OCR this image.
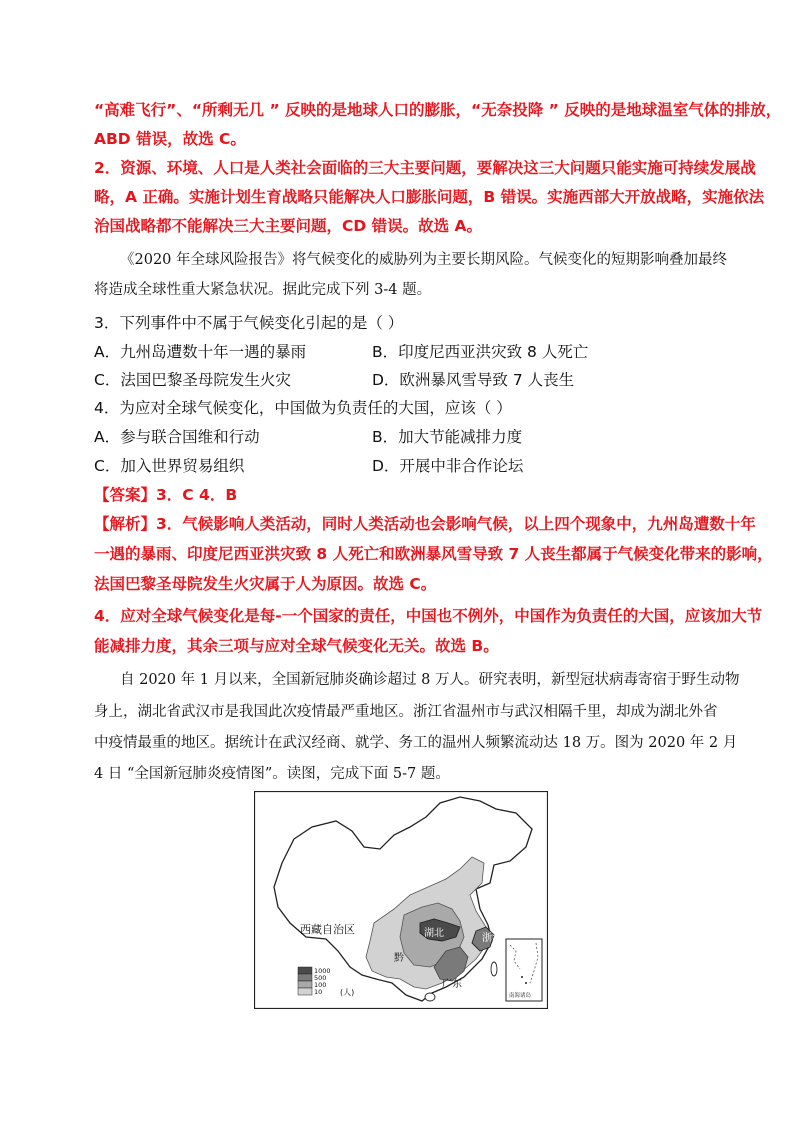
“高难飞行”、“所剩无几 ” 反映的是地球人口的膨胀，“无奈投降 ” 反映的是地球温室气体的排放，
ABD 错误，故选 C。
2．资源、环境、人口是人类社会面临的三大主要问题，要解决这三大问题只能实施可持续发展战
略，A 正确。实施计划生育战略只能解决人口膨胀问题，B 错误。实施西部大开放战略，实施依法
治国战略都不能解决三大主要问题，CD 错误。故选 A。
《2020 年全球风险报告》将气候变化的威胁列为主要长期风险。气候变化的短期影响叠加最终
将造成全球性重大紧急状况。据此完成下列 3-4 题。
3．下列事件中不属于气候变化引起的是（ ）
A．九州岛遭数十年一遇的暴雨	B．印度尼西亚洪灾致 8 人死亡
C．法国巴黎圣母院发生火灾	D．欧洲暴风雪导致 7 人丧生
4．为应对全球气候变化，中国做为负责任的大国，应该（ ）
A．参与联合国维和行动	B．加大节能减排力度
C．加入世界贸易组织	D．开展中非合作论坛
【答案】3．C 4．B
【解析】3．气候影响人类活动，同时人类活动也会影响气候，以上四个现象中，九州岛遭数十年
一遇的暴雨、印度尼西亚洪灾致 8 人死亡和欧洲暴风雪导致 7 人丧生都属于气候变化带来的影响，
法国巴黎圣母院发生火灾属于人为原因。故选 C。
4．应对全球气候变化是每-一个国家的责任，中国也不例外，中国作为负责任的大国，应该加大节
能减排力度，其余三项与应对全球气候变化无关。故选 B。
自 2020 年 1 月以来，全国新冠肺炎确诊超过 8 万人。研究表明，新型冠状病毒寄宿于野生动物
身上，湖北省武汉市是我国此次疫情最严重地区。浙江省温州市与武汉相隔千里，却成为湖北外省
中疫情最重的地区。据统计在武汉经商、就学、务工的温州人频繁流动达 18 万。图为 2020 年 2 月
4 日 “全国新冠肺炎疫情图”。读图，完成下面 5-7 题。
西藏自治区	湖北	浙江
黔
广东
1000
500
100
10 (人)	南海诸岛
